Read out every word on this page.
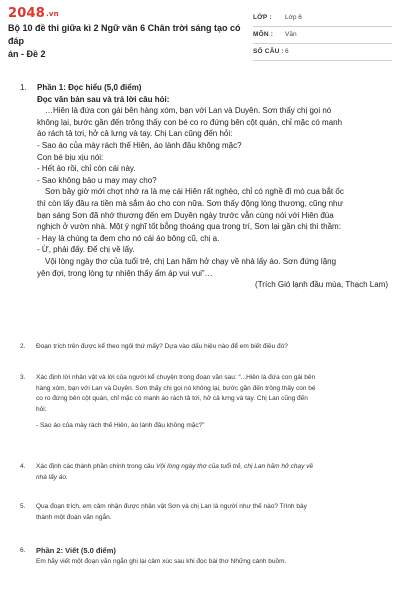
2048.vn
Bộ 10 đề thi giữa kì 2 Ngữ văn 6 Chân trời sáng tạo có đáp
án - Đề 2
LỚP : Lớp 6
MÔN : Văn
SỐ CÂU : 6
1. Phần 1: Đọc hiểu (5,0 điểm)
Đọc văn bản sau và trả lời câu hỏi:
…Hiên là đứa con gái bên hàng xóm, bạn với Lan và Duyên. Sơn thấy chị gọi nó
không lại, bước gần đến trông thấy con bé co ro đứng bên cột quán, chỉ mặc có manh
áo rách tả tơi, hở cả lưng và tay. Chị Lan cũng đến hỏi:
- Sao áo của mày rách thế Hiên, áo lành đâu không mặc?
Con bé bịu xịu nói:
- Hết áo rồi, chỉ còn cái này.
- Sao không bảo u may may cho?
Sơn bây giờ mới chợt nhớ ra là mẹ cái Hiên rất nghèo, chỉ có nghề đi mò cua bắt ốc
thì còn lấy đâu ra tiền mà sắm áo cho con nữa. Sơn thấy động lòng thương, cũng như
bạn sáng Sơn đã nhớ thương đến em Duyên ngày trước vẫn cùng nói với Hiên đùa
nghịch ở vườn nhà. Một ý nghĩ tốt bỗng thoáng qua trong trí, Sơn lại gần chị thì thầm:
- Hay là chúng ta đem cho nó cái áo bông cũ, chị ạ.
- Ừ, phải đấy. Để chị về lấy.
Vội lòng ngày thơ của tuổi trẻ, chị Lan hăm hở chạy về nhà lấy áo. Sơn đứng lặng
yên đợi, trong lòng tự nhiên thấy ấm áp vui vui”…
(Trích Gió lạnh đầu mùa, Thạch Lam)
2. Đoạn trích trên được kể theo ngôi thứ mấy? Dựa vào dấu hiệu nào để em biết điều đó?
3. Xác định lời nhân vật và lời của người kể chuyện trong đoạn văn sau: “...Hiên là đứa con gái bên
hàng xóm, bạn với Lan và Duyên. Sơn thấy chị gọi nó không lại, bước gần đến trông thấy con bé
co ro đứng bên cột quán, chỉ mặc có manh áo rách tả tơi, hở cả lưng và tay. Chị Lan cũng đến
hỏi:
- Sao áo của mày rách thế Hiên, áo lành đâu không mặc?”
4. Xác định các thành phần chính trong câu Vội lòng ngày thơ của tuổi trẻ, chị Lan hăm hở chạy về
nhà lấy áo.
5. Qua đoạn trích, em cảm nhận được nhân vật Sơn và chị Lan là người như thế nào? Trình bày
thành một đoạn văn ngắn.
6. Phần 2: Viết (5.0 điểm)
Em hãy viết một đoạn văn ngắn ghi lại cảm xúc sau khi đọc bài thơ Những cánh buồm.
